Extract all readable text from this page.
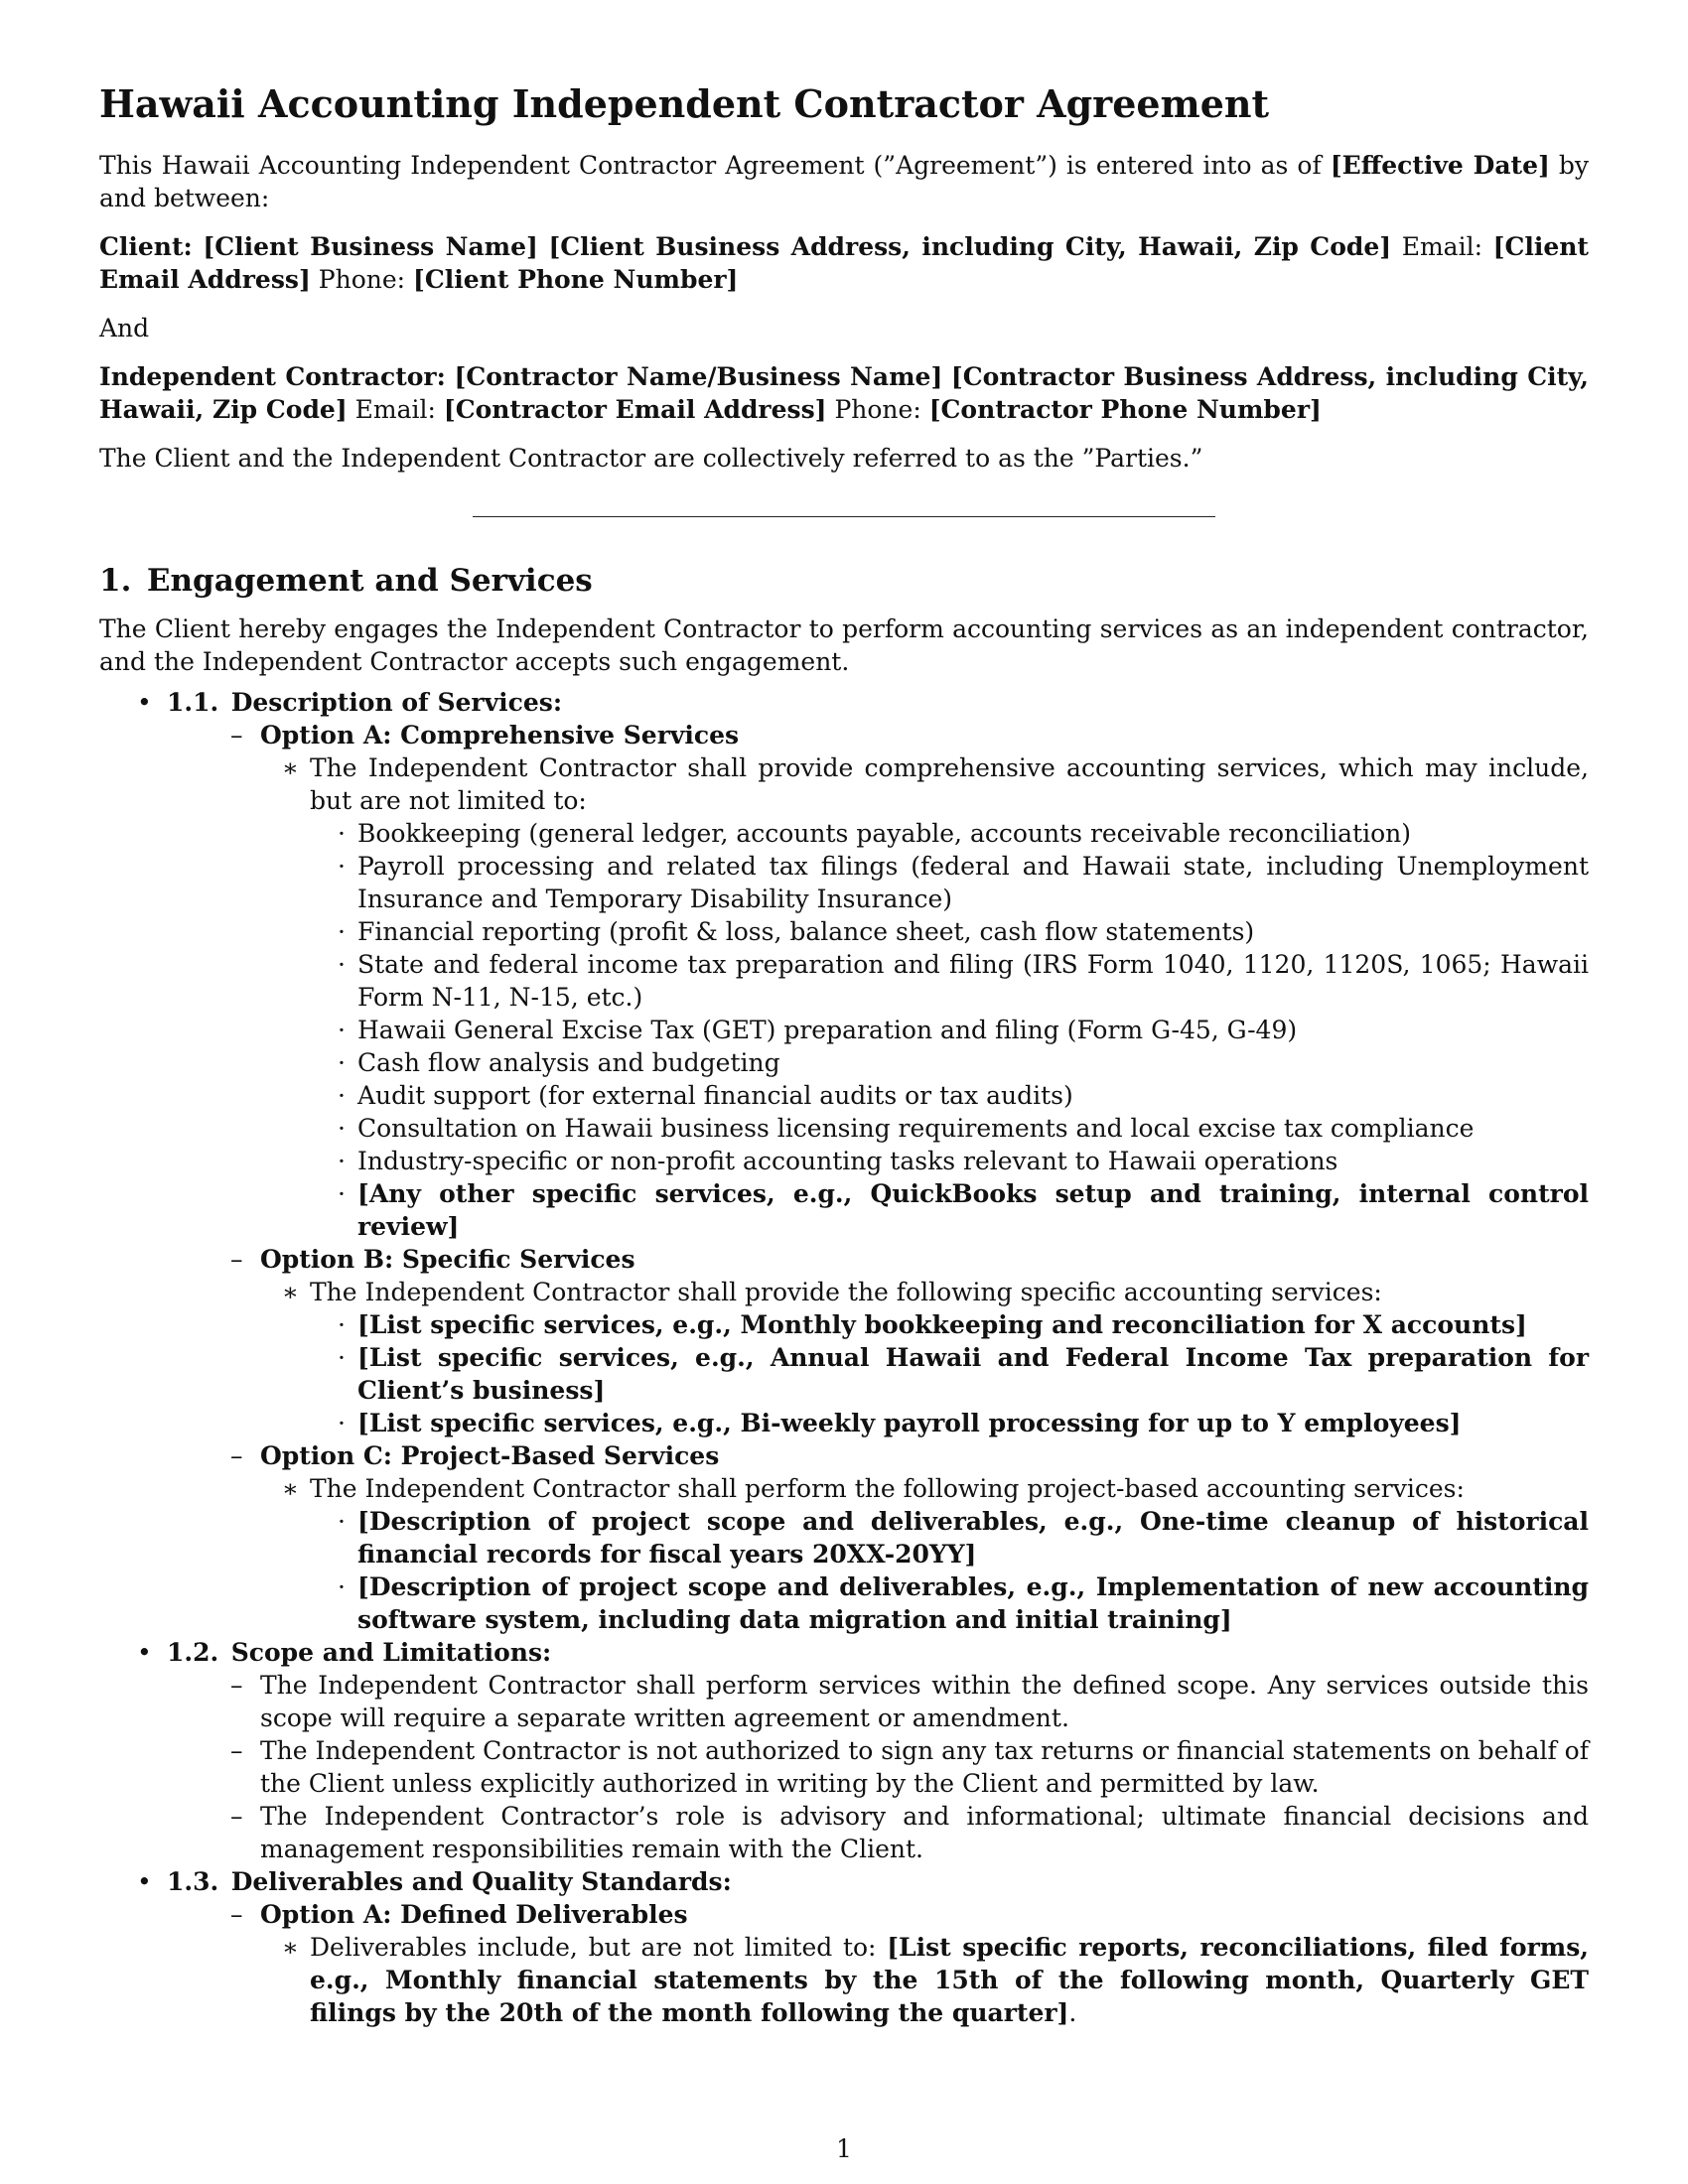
Hawaii Accounting Independent Contractor Agreement

This Hawaii Accounting Independent Contractor Agreement (”Agreement”) is entered into as of [Effective Date] by and between:

Client: [Client Business Name] [Client Business Address, including City, Hawaii, Zip Code] Email: [Client Email Address] Phone: [Client Phone Number]

And

Independent Contractor: [Contractor Name/Business Name] [Contractor Business Address, including City, Hawaii, Zip Code] Email: [Contractor Email Address] Phone: [Contractor Phone Number]

The Client and the Independent Contractor are collectively referred to as the ”Parties.”

1. Engagement and Services

The Client hereby engages the Independent Contractor to perform accounting services as an independent contractor, and the Independent Contractor accepts such engagement.

• 1.1. Description of Services:
– Option A: Comprehensive Services
∗ The Independent Contractor shall provide comprehensive accounting services, which may include, but are not limited to:
· Bookkeeping (general ledger, accounts payable, accounts receivable reconciliation)
· Payroll processing and related tax filings (federal and Hawaii state, including Unemployment Insurance and Temporary Disability Insurance)
· Financial reporting (profit & loss, balance sheet, cash flow statements)
· State and federal income tax preparation and filing (IRS Form 1040, 1120, 1120S, 1065; Hawaii Form N-11, N-15, etc.)
· Hawaii General Excise Tax (GET) preparation and filing (Form G-45, G-49)
· Cash flow analysis and budgeting
· Audit support (for external financial audits or tax audits)
· Consultation on Hawaii business licensing requirements and local excise tax compliance
· Industry-specific or non-profit accounting tasks relevant to Hawaii operations
· [Any other specific services, e.g., QuickBooks setup and training, internal control review]
– Option B: Specific Services
∗ The Independent Contractor shall provide the following specific accounting services:
· [List specific services, e.g., Monthly bookkeeping and reconciliation for X accounts]
· [List specific services, e.g., Annual Hawaii and Federal Income Tax preparation for Client’s business]
· [List specific services, e.g., Bi-weekly payroll processing for up to Y employees]
– Option C: Project-Based Services
∗ The Independent Contractor shall perform the following project-based accounting services:
· [Description of project scope and deliverables, e.g., One-time cleanup of historical financial records for fiscal years 20XX-20YY]
· [Description of project scope and deliverables, e.g., Implementation of new accounting software system, including data migration and initial training]
• 1.2. Scope and Limitations:
– The Independent Contractor shall perform services within the defined scope. Any services outside this scope will require a separate written agreement or amendment.
– The Independent Contractor is not authorized to sign any tax returns or financial statements on behalf of the Client unless explicitly authorized in writing by the Client and permitted by law.
– The Independent Contractor’s role is advisory and informational; ultimate financial decisions and management responsibilities remain with the Client.
• 1.3. Deliverables and Quality Standards:
– Option A: Defined Deliverables
∗ Deliverables include, but are not limited to: [List specific reports, reconciliations, filed forms, e.g., Monthly financial statements by the 15th of the following month, Quarterly GET filings by the 20th of the month following the quarter].
1
